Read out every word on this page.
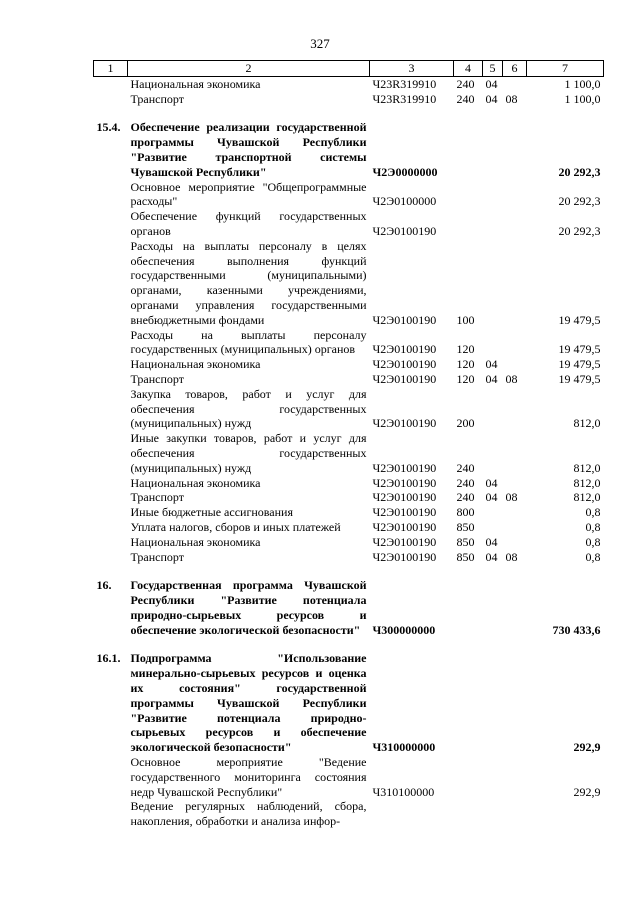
327
1	2	3	4	5	6	7
	Национальная экономика	Ч23R319910	240	04		1 100,0
	Транспорт	Ч23R319910	240	04	08	1 100,0

15.4.	Обеспечение реализации государственной программы Чувашской Республики "Развитие транспортной системы Чувашской Республики"	Ч2Э0000000				20 292,3
	Основное мероприятие "Общепрограммные расходы"	Ч2Э0100000				20 292,3
	Обеспечение функций государственных органов	Ч2Э0100190				20 292,3
	Расходы на выплаты персоналу в целях обеспечения выполнения функций государственными (муниципальными) органами, казенными учреждениями, органами управления государственными внебюджетными фондами	Ч2Э0100190	100			19 479,5
	Расходы на выплаты персоналу государственных (муниципальных) органов	Ч2Э0100190	120			19 479,5
	Национальная экономика	Ч2Э0100190	120	04		19 479,5
	Транспорт	Ч2Э0100190	120	04	08	19 479,5
	Закупка товаров, работ и услуг для обеспечения государственных (муниципальных) нужд	Ч2Э0100190	200			812,0
	Иные закупки товаров, работ и услуг для обеспечения государственных (муниципальных) нужд	Ч2Э0100190	240			812,0
	Национальная экономика	Ч2Э0100190	240	04		812,0
	Транспорт	Ч2Э0100190	240	04	08	812,0
	Иные бюджетные ассигнования	Ч2Э0100190	800			0,8
	Уплата налогов, сборов и иных платежей	Ч2Э0100190	850			0,8
	Национальная экономика	Ч2Э0100190	850	04		0,8
	Транспорт	Ч2Э0100190	850	04	08	0,8

16.	Государственная программа Чувашской Республики "Развитие потенциала природно-сырьевых ресурсов и обеспечение экологической безопасности"	Ч300000000				730 433,6

16.1.	Подпрограмма "Использование минерально-сырьевых ресурсов и оценка их состояния" государственной программы Чувашской Республики "Развитие потенциала природно-сырьевых ресурсов и обеспечение экологической безопасности"	Ч310000000				292,9
	Основное мероприятие "Ведение государственного мониторинга состояния недр Чувашской Республики"	Ч310100000				292,9
	Ведение регулярных наблюдений, сбора, накопления, обработки и анализа инфор-					
